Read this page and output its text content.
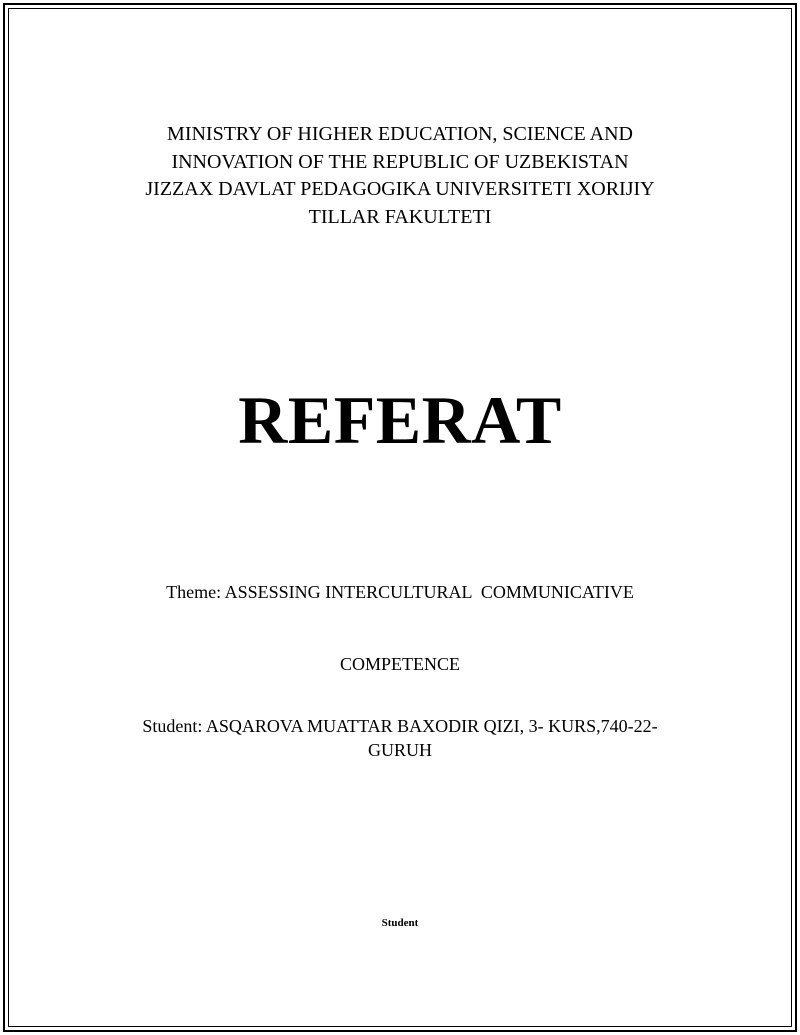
MINISTRY OF HIGHER EDUCATION, SCIENCE AND
INNOVATION OF THE REPUBLIC OF UZBEKISTAN
JIZZAX DAVLAT PEDAGOGIKA UNIVERSITETI XORIJIY
TILLAR FAKULTETI
REFERAT

Theme: ASSESSING INTERCULTURAL  COMMUNICATIVE

COMPETENCE

Student: ASQAROVA MUATTAR BAXODIR QIZI, 3- KURS,740-22-
GURUH
Student
